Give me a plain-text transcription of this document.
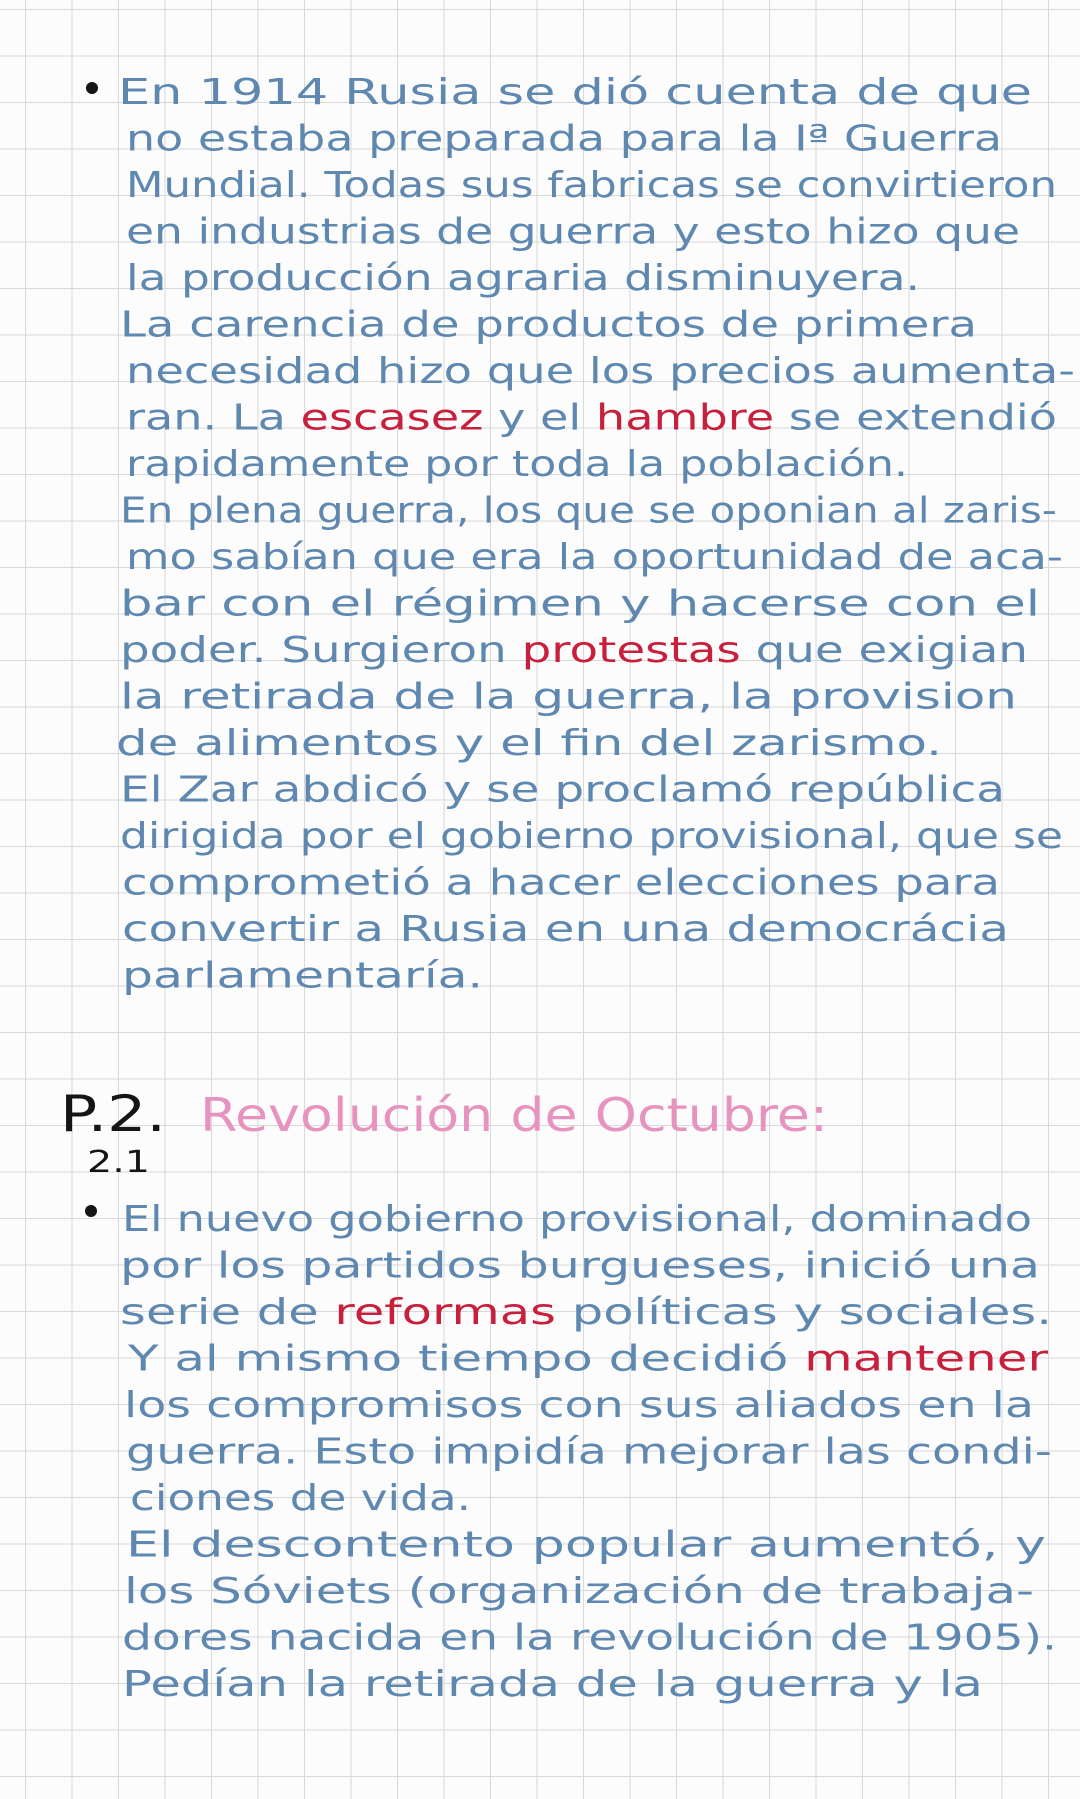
P.2. Revolución de Octubre:
2.1
En 1914 Rusia se dió cuenta de que
no estaba preparada para la Iª Guerra
Mundial. Todas sus fabricas se convirtieron
en industrias de guerra y esto hizo que
la producción agraria disminuyera.
La carencia de productos de primera
necesidad hizo que los precios aumenta-
ran. La escasez y el hambre se extendió
rapidamente por toda la población.
En plena guerra, los que se oponian al zaris-
mo sabían que era la oportunidad de aca-
bar con el régimen y hacerse con el
poder. Surgieron	protestas que exigian
la retirada de la guerra, la provision
de alimentos y el fin del zarismo.
El Zar abdicó y se proclamó república
dirigida por el gobierno provisional, que se
comprometió a hacer elecciones para
convertir a Rusia en una democrácia
parlamentaría.
El nuevo gobierno provisional, dominado
por los partidos burgueses, inició una
serie de reformas políticas y sociales.
Y al mismo tiempo decidió	mantener
los compromisos con sus aliados en la
guerra. Esto impidía mejorar las condi-
ciones de vida.
El descontento popular aumentó, y
los Sóviets (organización de trabaja-
dores nacida en la revolución de 1905).
Pedían la retirada de la guerra y la
